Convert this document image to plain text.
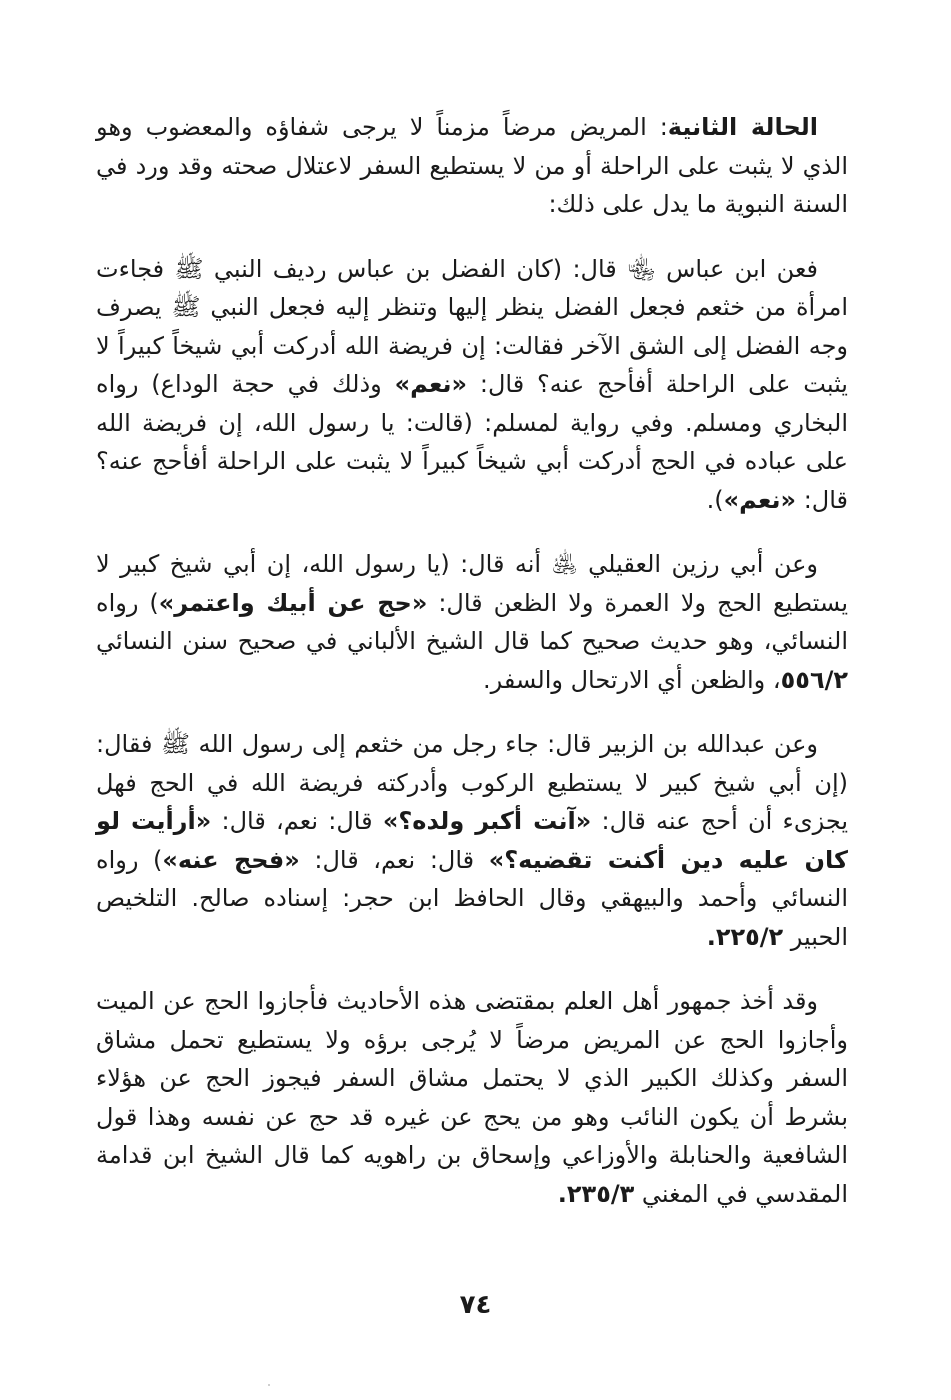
الحالة الثانية: المريض مرضاً مزمناً لا يرجى شفاؤه والمعضوب وهو الذي لا يثبت على الراحلة أو من لا يستطيع السفر لاعتلال صحته وقد ورد في السنة النبوية ما يدل على ذلك:

فعن ابن عباس ﵄ قال: (كان الفضل بن عباس رديف النبي ﷺ فجاءت امرأة من خثعم فجعل الفضل ينظر إليها وتنظر إليه فجعل النبي ﷺ يصرف وجه الفضل إلى الشق الآخر فقالت: إن فريضة الله أدركت أبي شيخاً كبيراً لا يثبت على الراحلة أفأحج عنه؟ قال: «نعم» وذلك في حجة الوداع) رواه البخاري ومسلم. وفي رواية لمسلم: (قالت: يا رسول الله، إن فريضة الله على عباده في الحج أدركت أبي شيخاً كبيراً لا يثبت على الراحلة أفأحج عنه؟ قال: «نعم»).

وعن أبي رزين العقيلي ﵁ أنه قال: (يا رسول الله، إن أبي شيخ كبير لا يستطيع الحج ولا العمرة ولا الظعن قال: «حج عن أبيك واعتمر») رواه النسائي، وهو حديث صحيح كما قال الشيخ الألباني في صحيح سنن النسائي ٥٥٦/٢، والظعن أي الارتحال والسفر.

وعن عبدالله بن الزبير قال: جاء رجل من خثعم إلى رسول الله ﷺ فقال: (إن أبي شيخ كبير لا يستطيع الركوب وأدركته فريضة الله في الحج فهل يجزىء أن أحج عنه قال: «آنت أكبر ولده؟» قال: نعم، قال: «أرأيت لو كان عليه دين أكنت تقضيه؟» قال: نعم، قال: «فحج عنه») رواه النسائي وأحمد والبيهقي وقال الحافظ ابن حجر: إسناده صالح. التلخيص الحبير ٢٢٥/٢.

وقد أخذ جمهور أهل العلم بمقتضى هذه الأحاديث فأجازوا الحج عن الميت وأجازوا الحج عن المريض مرضاً لا يُرجى برؤه ولا يستطيع تحمل مشاق السفر وكذلك الكبير الذي لا يحتمل مشاق السفر فيجوز الحج عن هؤلاء بشرط أن يكون النائب وهو من يحج عن غيره قد حج عن نفسه وهذا قول الشافعية والحنابلة والأوزاعي وإسحاق بن راهويه كما قال الشيخ ابن قدامة المقدسي في المغني ٢٣٥/٣.

٧٤
